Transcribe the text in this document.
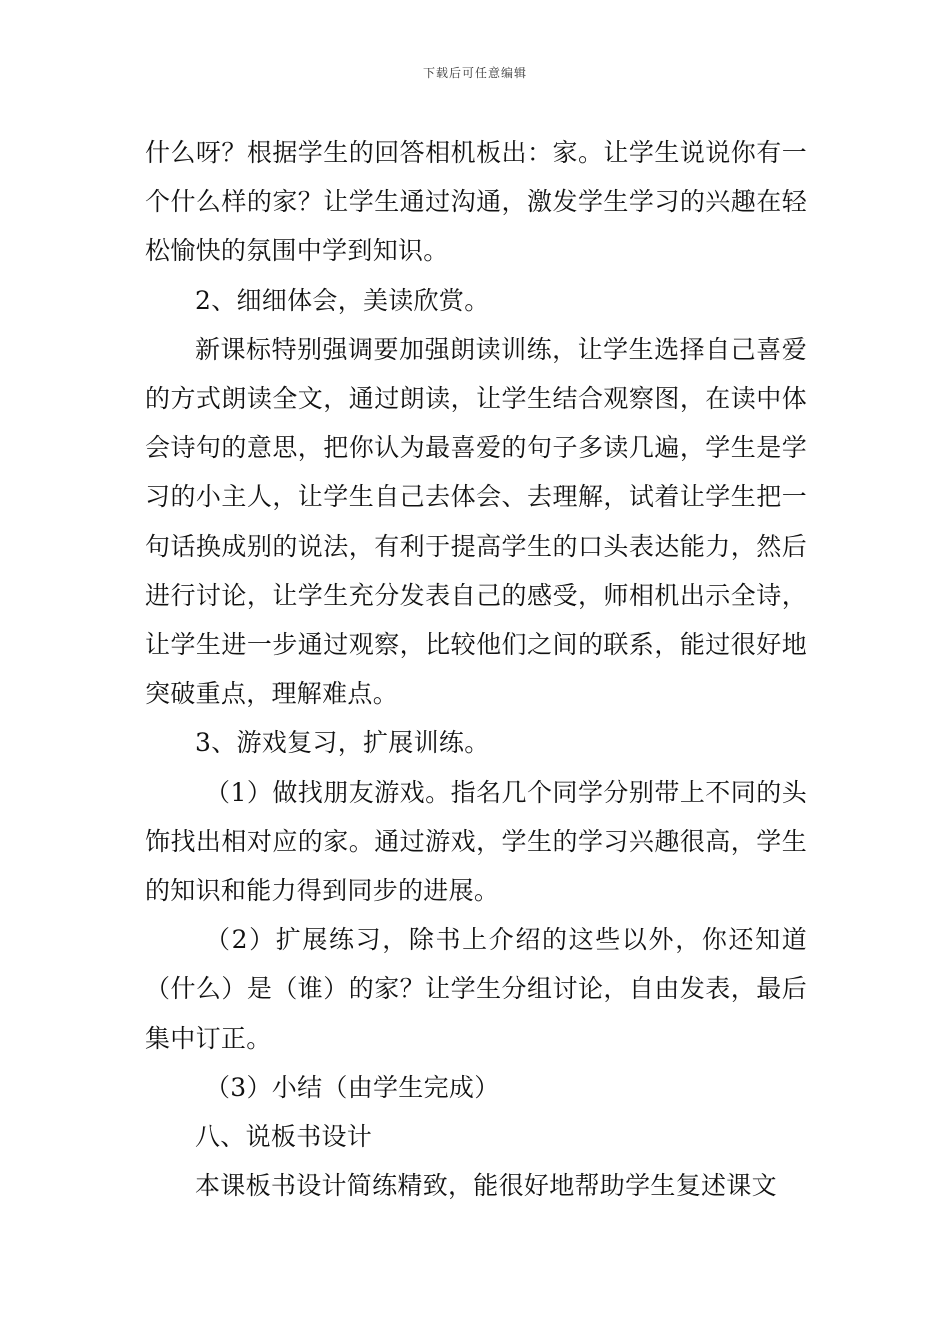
下载后可任意编辑

什么呀？根据学生的回答相机板出：家。让学生说说你有一个什么样的家？让学生通过沟通，激发学生学习的兴趣在轻松愉快的氛围中学到知识。

2、细细体会，美读欣赏。

新课标特别强调要加强朗读训练，让学生选择自己喜爱的方式朗读全文，通过朗读，让学生结合观察图，在读中体会诗句的意思，把你认为最喜爱的句子多读几遍，学生是学习的小主人，让学生自己去体会、去理解，试着让学生把一句话换成别的说法，有利于提高学生的口头表达能力，然后进行讨论，让学生充分发表自己的感受，师相机出示全诗，让学生进一步通过观察，比较他们之间的联系，能过很好地突破重点，理解难点。

3、游戏复习，扩展训练。

（1）做找朋友游戏。指名几个同学分别带上不同的头饰找出相对应的家。通过游戏，学生的学习兴趣很高，学生的知识和能力得到同步的进展。

（2）扩展练习，除书上介绍的这些以外，你还知道（什么）是（谁）的家？让学生分组讨论，自由发表，最后集中订正。

（3）小结（由学生完成）

八、说板书设计

本课板书设计简练精致，能很好地帮助学生复述课文
